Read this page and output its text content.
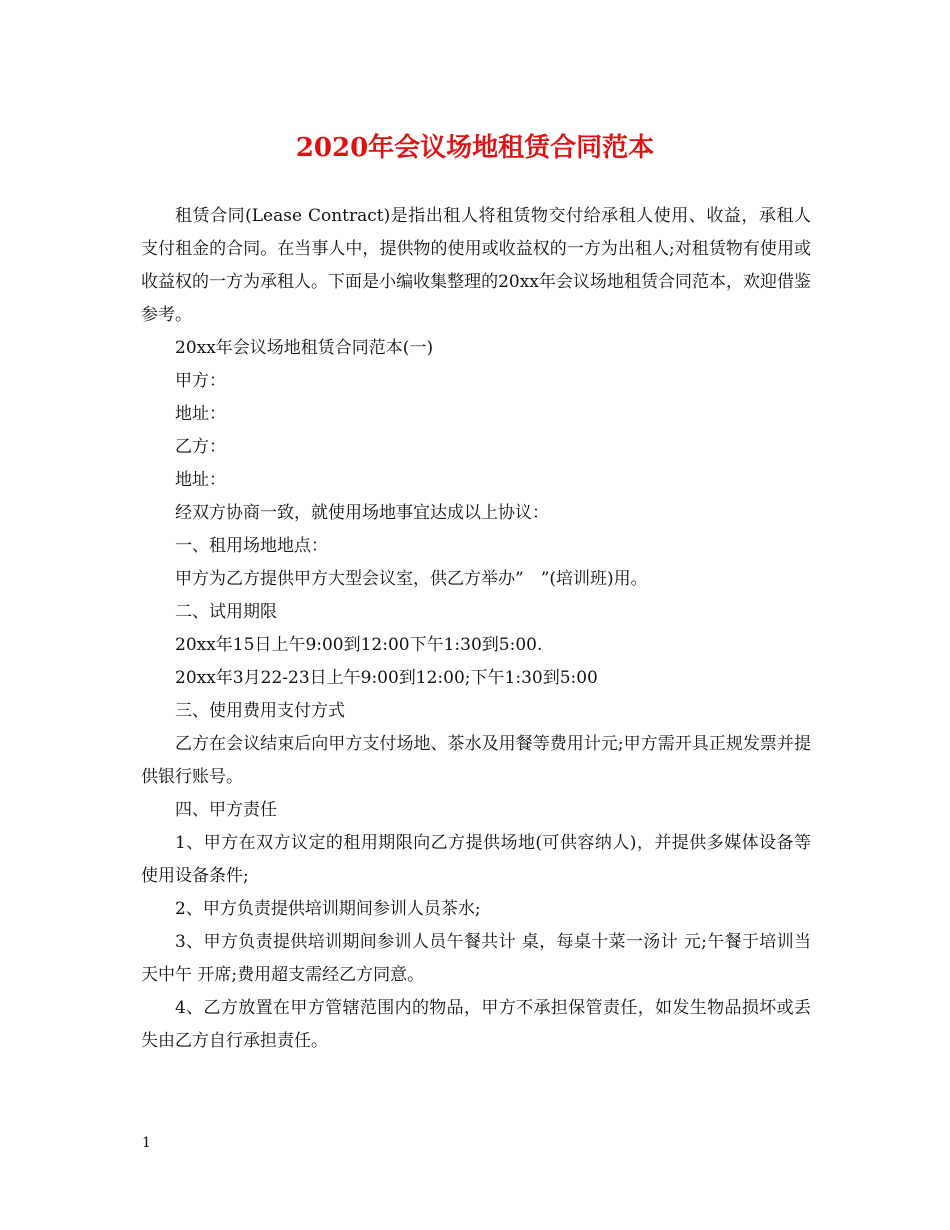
2020年会议场地租赁合同范本

租赁合同(Lease Contract)是指出租人将租赁物交付给承租人使用、收益，承租人支付租金的合同。在当事人中，提供物的使用或收益权的一方为出租人;对租赁物有使用或收益权的一方为承租人。下面是小编收集整理的20xx年会议场地租赁合同范本，欢迎借鉴参考。

20xx年会议场地租赁合同范本(一)

甲方：

地址：

乙方：

地址：

经双方协商一致，就使用场地事宜达成以上协议：

一、租用场地地点：

甲方为乙方提供甲方大型会议室，供乙方举办”　”(培训班)用。

二、试用期限

20xx年15日上午9:00到12:00下午1:30到5:00.

20xx年3月22-23日上午9:00到12:00;下午1:30到5:00

三、使用费用支付方式

乙方在会议结束后向甲方支付场地、茶水及用餐等费用计元;甲方需开具正规发票并提供银行账号。

四、甲方责任

1、甲方在双方议定的租用期限向乙方提供场地(可供容纳人)，并提供多媒体设备等使用设备条件;

2、甲方负责提供培训期间参训人员茶水;

3、甲方负责提供培训期间参训人员午餐共计 桌，每桌十菜一汤计 元;午餐于培训当天中午 开席;费用超支需经乙方同意。

4、乙方放置在甲方管辖范围内的物品，甲方不承担保管责任，如发生物品损坏或丢失由乙方自行承担责任。

1
